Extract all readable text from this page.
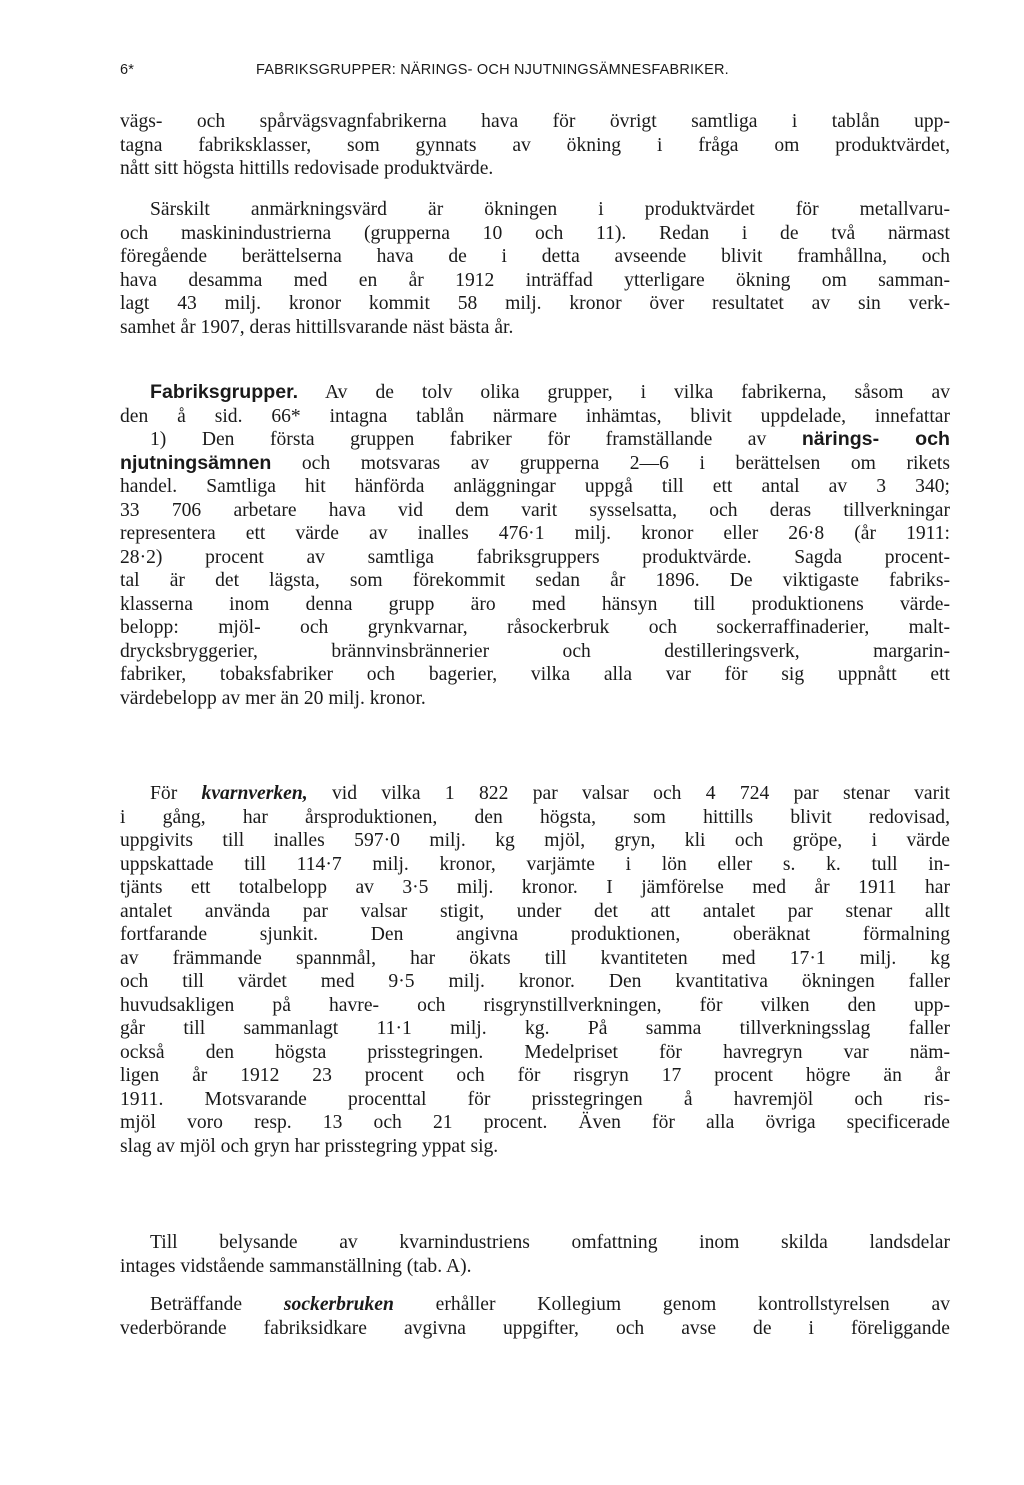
6*	FABRIKSGRUPPER: NÄRINGS- OCH NJUTNINGSÄMNESFABRIKER.
vägs- och spårvägsvagnfabrikerna hava för övrigt samtliga i tablån upp-
tagna fabriksklasser, som gynnats av ökning i fråga om produktvärdet,
nått sitt högsta hittills redovisade produktvärde.
Särskilt anmärkningsvärd är ökningen i produktvärdet för metallvaru-
och maskinindustrierna (grupperna 10 och 11). Redan i de två närmast
föregående berättelserna hava de i detta avseende blivit framhållna, och
hava desamma med en år 1912 inträffad ytterligare ökning om samman-
lagt 43 milj. kronor kommit 58 milj. kronor över resultatet av sin verk-
samhet år 1907, deras hittillsvarande näst bästa år.
Fabriksgrupper. Av de tolv olika grupper, i vilka fabrikerna, såsom av
den å sid. 66* intagna tablån närmare inhämtas, blivit uppdelade, innefattar
1) Den första gruppen fabriker för framställande av närings- och
njutningsämnen och motsvaras av grupperna 2—6 i berättelsen om rikets
handel. Samtliga hit hänförda anläggningar uppgå till ett antal av 3 340;
33 706 arbetare hava vid dem varit sysselsatta, och deras tillverkningar
representera ett värde av inalles 476·1 milj. kronor eller 26·8 (år 1911:
28·2) procent av samtliga fabriksgruppers produktvärde. Sagda procent-
tal är det lägsta, som förekommit sedan år 1896. De viktigaste fabriks-
klasserna inom denna grupp äro med hänsyn till produktionens värde-
belopp: mjöl- och grynkvarnar, råsockerbruk och sockerraffinaderier, malt-
drycksbryggerier, brännvinsbrännerier och destilleringsverk, margarin-
fabriker, tobaksfabriker och bagerier, vilka alla var för sig uppnått ett
värdebelopp av mer än 20 milj. kronor.
För kvarnverken, vid vilka 1 822 par valsar och 4 724 par stenar varit
i gång, har årsproduktionen, den högsta, som hittills blivit redovisad,
uppgivits till inalles 597·0 milj. kg mjöl, gryn, kli och gröpe, i värde
uppskattade till 114·7 milj. kronor, varjämte i lön eller s. k. tull in-
tjänts ett totalbelopp av 3·5 milj. kronor. I jämförelse med år 1911 har
antalet använda par valsar stigit, under det att antalet par stenar allt
fortfarande sjunkit. Den angivna produktionen, oberäknat förmalning
av främmande spannmål, har ökats till kvantiteten med 17·1 milj. kg
och till värdet med 9·5 milj. kronor. Den kvantitativa ökningen faller
huvudsakligen på havre- och risgrynstillverkningen, för vilken den upp-
går till sammanlagt 11·1 milj. kg. På samma tillverkningsslag faller
också den högsta prisstegringen. Medelpriset för havregryn var näm-
ligen år 1912 23 procent och för risgryn 17 procent högre än år
1911. Motsvarande procenttal för prisstegringen å havremjöl och ris-
mjöl voro resp. 13 och 21 procent. Även för alla övriga specificerade
slag av mjöl och gryn har prisstegring yppat sig.
Till belysande av kvarnindustriens omfattning inom skilda landsdelar
intages vidstående sammanställning (tab. A).
Beträffande sockerbruken erhåller Kollegium genom kontrollstyrelsen av
vederbörande fabriksidkare avgivna uppgifter, och avse de i föreliggande
